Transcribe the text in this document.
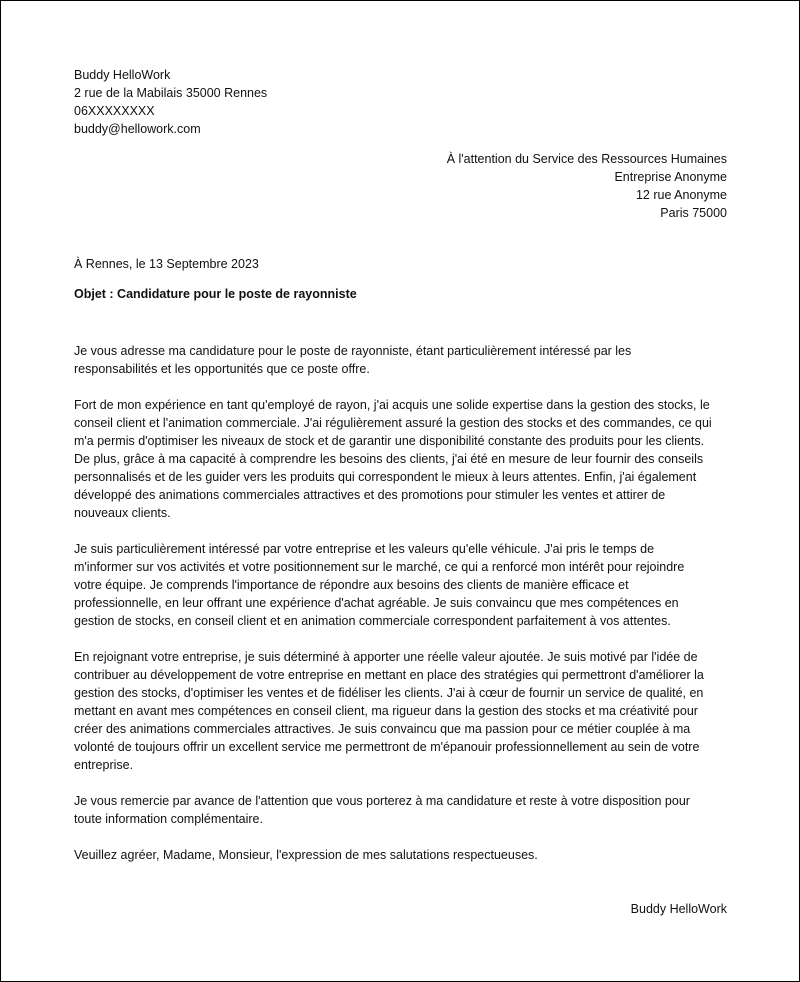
Buddy HelloWork
2 rue de la Mabilais 35000 Rennes
06XXXXXXXX
buddy@hellowork.com
À l'attention du Service des Ressources Humaines
Entreprise Anonyme
12 rue Anonyme
Paris 75000
À Rennes, le 13 Septembre 2023
Objet : Candidature pour le poste de rayonniste

Je vous adresse ma candidature pour le poste de rayonniste, étant particulièrement intéressé par les
responsabilités et les opportunités que ce poste offre.

Fort de mon expérience en tant qu'employé de rayon, j'ai acquis une solide expertise dans la gestion des stocks, le
conseil client et l'animation commerciale. J'ai régulièrement assuré la gestion des stocks et des commandes, ce qui
m'a permis d'optimiser les niveaux de stock et de garantir une disponibilité constante des produits pour les clients.
De plus, grâce à ma capacité à comprendre les besoins des clients, j'ai été en mesure de leur fournir des conseils
personnalisés et de les guider vers les produits qui correspondent le mieux à leurs attentes. Enfin, j'ai également
développé des animations commerciales attractives et des promotions pour stimuler les ventes et attirer de
nouveaux clients.

Je suis particulièrement intéressé par votre entreprise et les valeurs qu'elle véhicule. J'ai pris le temps de
m'informer sur vos activités et votre positionnement sur le marché, ce qui a renforcé mon intérêt pour rejoindre
votre équipe. Je comprends l'importance de répondre aux besoins des clients de manière efficace et
professionnelle, en leur offrant une expérience d'achat agréable. Je suis convaincu que mes compétences en
gestion de stocks, en conseil client et en animation commerciale correspondent parfaitement à vos attentes.

En rejoignant votre entreprise, je suis déterminé à apporter une réelle valeur ajoutée. Je suis motivé par l'idée de
contribuer au développement de votre entreprise en mettant en place des stratégies qui permettront d'améliorer la
gestion des stocks, d'optimiser les ventes et de fidéliser les clients. J'ai à cœur de fournir un service de qualité, en
mettant en avant mes compétences en conseil client, ma rigueur dans la gestion des stocks et ma créativité pour
créer des animations commerciales attractives. Je suis convaincu que ma passion pour ce métier couplée à ma
volonté de toujours offrir un excellent service me permettront de m'épanouir professionnellement au sein de votre
entreprise.

Je vous remercie par avance de l'attention que vous porterez à ma candidature et reste à votre disposition pour
toute information complémentaire.

Veuillez agréer, Madame, Monsieur, l'expression de mes salutations respectueuses.

Buddy HelloWork
